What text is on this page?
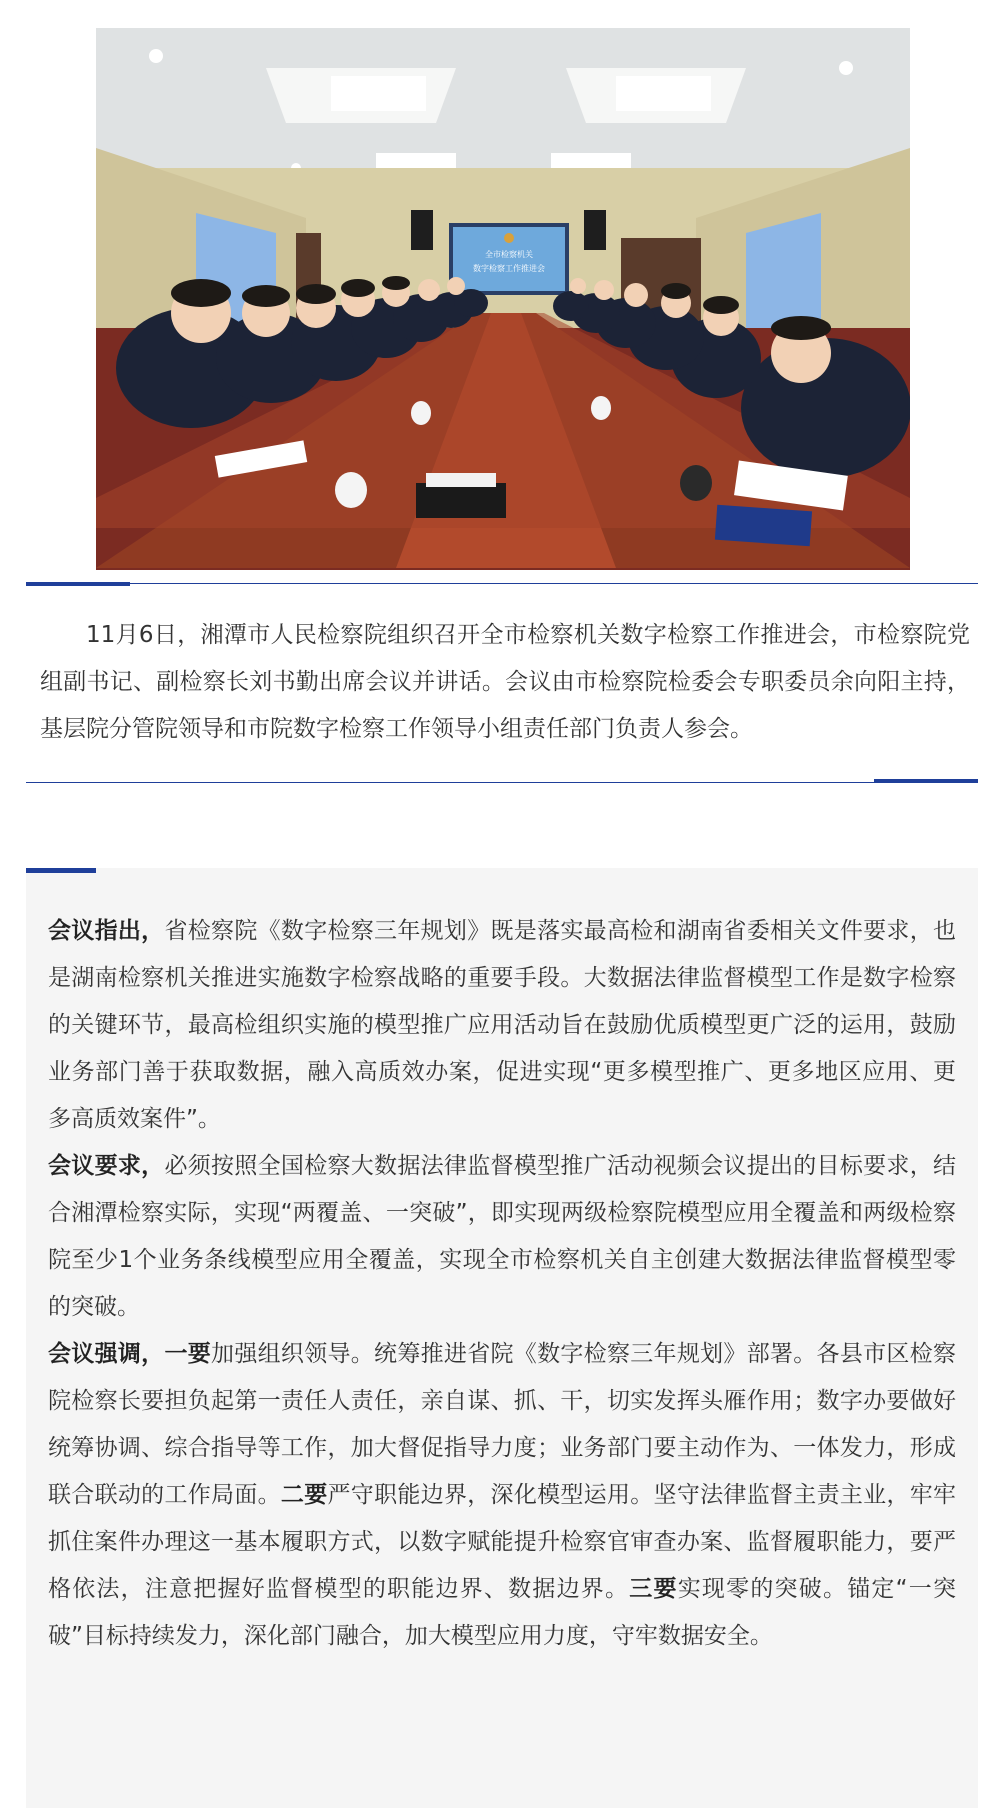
全市检察机关
数字检察工作推进会

11月6日，湘潭市人民检察院组织召开全市检察机关数字检察工作推进会，市检察院党组副书记、副检察长刘书勤出席会议并讲话。会议由市检察院检委会专职委员余向阳主持，基层院分管院领导和市院数字检察工作领导小组责任部门负责人参会。

会议指出，省检察院《数字检察三年规划》既是落实最高检和湖南省委相关文件要求，也是湖南检察机关推进实施数字检察战略的重要手段。大数据法律监督模型工作是数字检察的关键环节，最高检组织实施的模型推广应用活动旨在鼓励优质模型更广泛的运用，鼓励业务部门善于获取数据，融入高质效办案，促进实现“更多模型推广、更多地区应用、更多高质效案件”。

会议要求，必须按照全国检察大数据法律监督模型推广活动视频会议提出的目标要求，结合湘潭检察实际，实现“两覆盖、一突破”，即实现两级检察院模型应用全覆盖和两级检察院至少1个业务条线模型应用全覆盖，实现全市检察机关自主创建大数据法律监督模型零的突破。

会议强调，一要加强组织领导。统筹推进省院《数字检察三年规划》部署。各县市区检察院检察长要担负起第一责任人责任，亲自谋、抓、干，切实发挥头雁作用；数字办要做好统筹协调、综合指导等工作，加大督促指导力度；业务部门要主动作为、一体发力，形成联合联动的工作局面。二要严守职能边界，深化模型运用。坚守法律监督主责主业，牢牢抓住案件办理这一基本履职方式，以数字赋能提升检察官审查办案、监督履职能力，要严格依法，注意把握好监督模型的职能边界、数据边界。三要实现零的突破。锚定“一突破”目标持续发力，深化部门融合，加大模型应用力度，守牢数据安全。
